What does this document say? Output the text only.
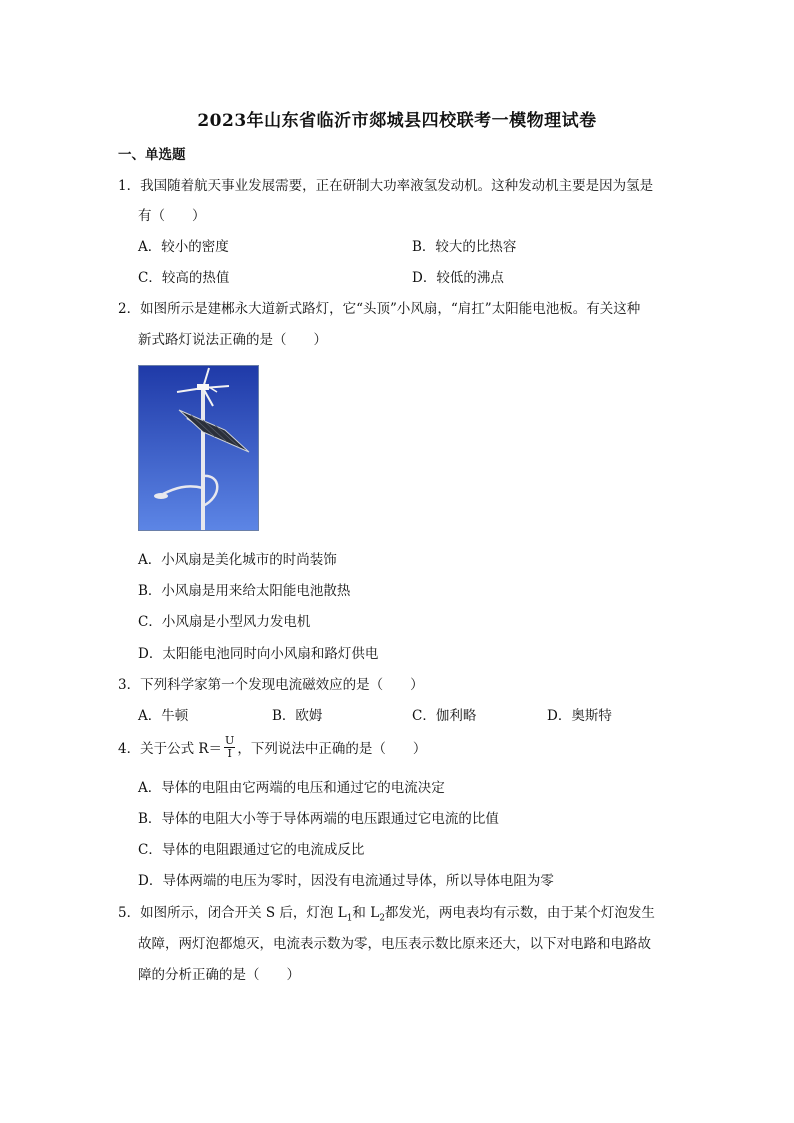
2023年山东省临沂市郯城县四校联考一模物理试卷
一、单选题
1．我国随着航天事业发展需要，正在研制大功率液氢发动机。这种发动机主要是因为氢是
有（　　）
A．较小的密度	B．较大的比热容
C．较高的热值	D．较低的沸点
2．如图所示是建郴永大道新式路灯，它“头顶”小风扇，“肩扛”太阳能电池板。有关这种
新式路灯说法正确的是（　　）
A．小风扇是美化城市的时尚装饰
B．小风扇是用来给太阳能电池散热
C．小风扇是小型风力发电机
D．太阳能电池同时向小风扇和路灯供电
3．下列科学家第一个发现电流磁效应的是（　　）
A．牛顿	B．欧姆	C．伽利略	D．奥斯特
4．关于公式 $R= \frac{U}{I}$ ，下列说法中正确的是（　　）
A．导体的电阻由它两端的电压和通过它的电流决定
B．导体的电阻大小等于导体两端的电压跟通过它电流的比值
C．导体的电阻跟通过它的电流成反比
D．导体两端的电压为零时，因没有电流通过导体，所以导体电阻为零
5．如图所示，闭合开关 S 后，灯泡 $L_1$和 $L_2$都发光，两电表均有示数，由于某个灯泡发生
故障，两灯泡都熄灭，电流表示数为零，电压表示数比原来还大，以下对电路和电路故
障的分析正确的是（　　）
